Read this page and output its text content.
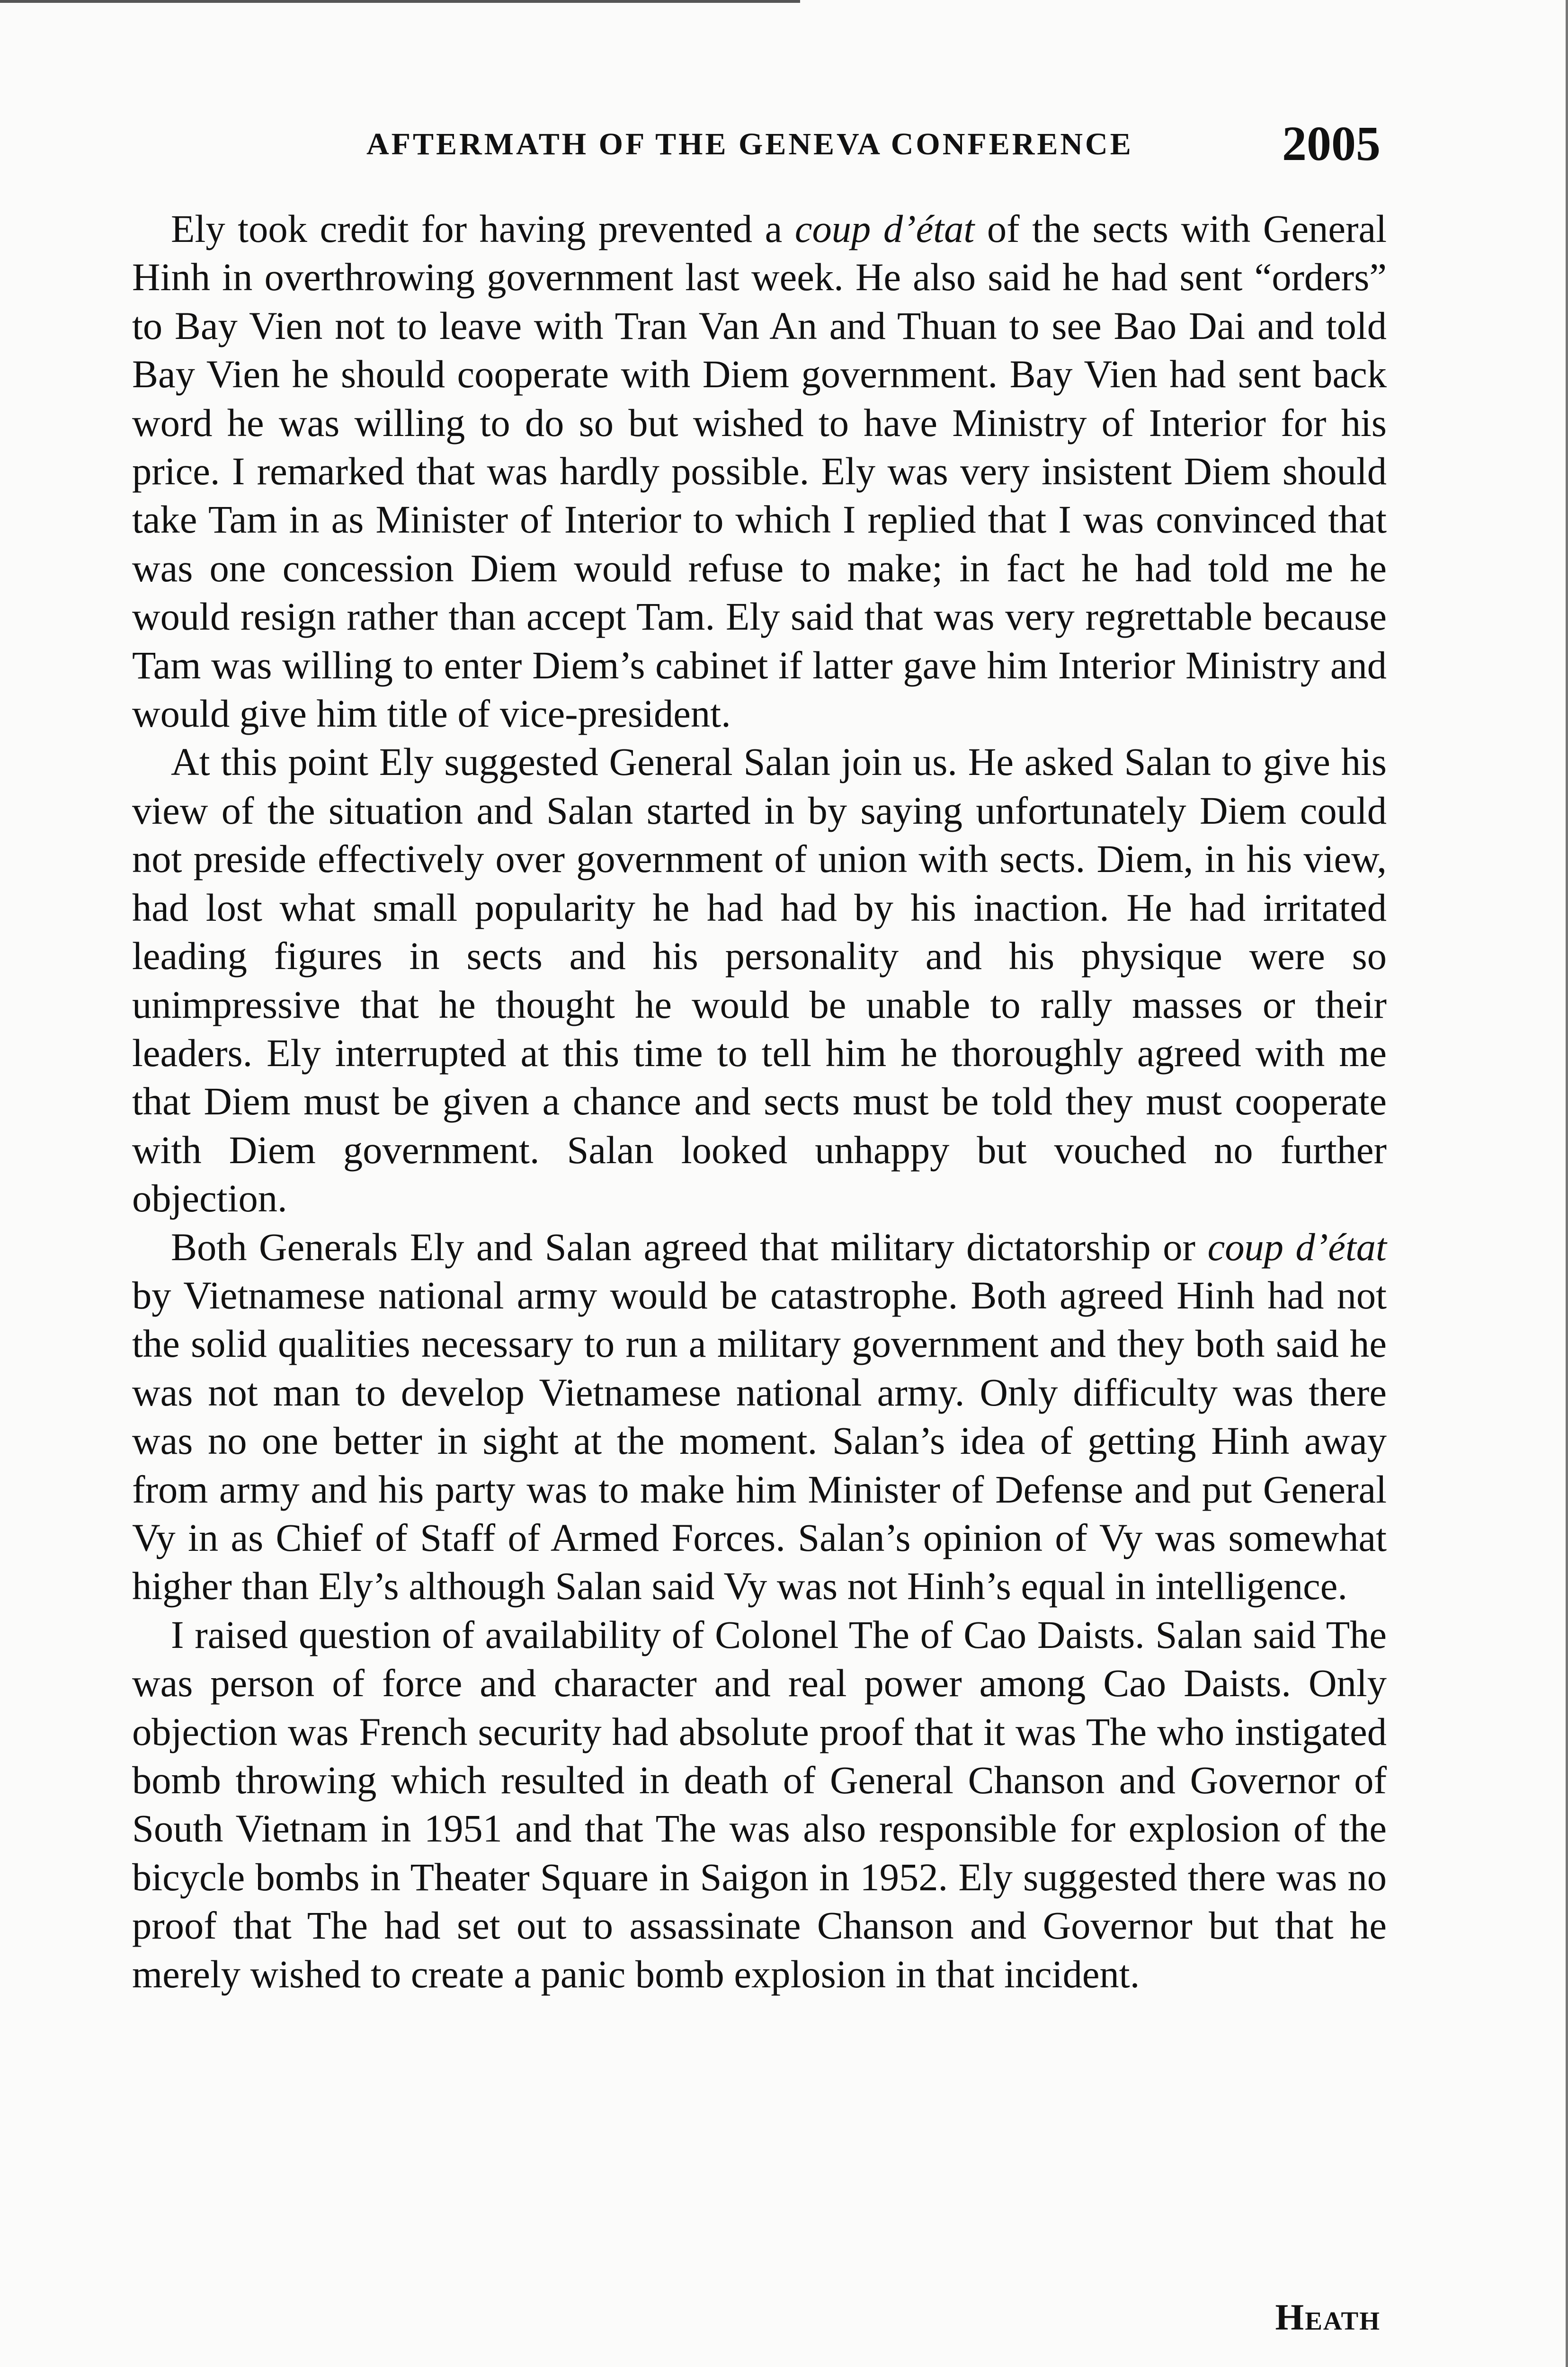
AFTERMATH OF THE GENEVA CONFERENCE	2005

Ely took credit for having prevented a coup d’état of the sects with General Hinh in overthrowing government last week. He also said he had sent “orders” to Bay Vien not to leave with Tran Van An and Thuan to see Bao Dai and told Bay Vien he should cooperate with Diem government. Bay Vien had sent back word he was willing to do so but wished to have Ministry of Interior for his price. I remarked that was hardly possible. Ely was very insistent Diem should take Tam in as Minister of Interior to which I replied that I was convinced that was one concession Diem would refuse to make; in fact he had told me he would resign rather than accept Tam. Ely said that was very regrettable because Tam was willing to enter Diem’s cabinet if latter gave him Interior Ministry and would give him title of vice-president.

At this point Ely suggested General Salan join us. He asked Salan to give his view of the situation and Salan started in by saying unfortunately Diem could not preside effectively over government of union with sects. Diem, in his view, had lost what small popularity he had had by his inaction. He had irritated leading figures in sects and his personality and his physique were so unimpressive that he thought he would be unable to rally masses or their leaders. Ely interrupted at this time to tell him he thoroughly agreed with me that Diem must be given a chance and sects must be told they must cooperate with Diem government. Salan looked unhappy but vouched no further objection.

Both Generals Ely and Salan agreed that military dictatorship or coup d’état by Vietnamese national army would be catastrophe. Both agreed Hinh had not the solid qualities necessary to run a military government and they both said he was not man to develop Vietnamese national army. Only difficulty was there was no one better in sight at the moment. Salan’s idea of getting Hinh away from army and his party was to make him Minister of Defense and put General Vy in as Chief of Staff of Armed Forces. Salan’s opinion of Vy was somewhat higher than Ely’s although Salan said Vy was not Hinh’s equal in intelligence.

I raised question of availability of Colonel The of Cao Daists. Salan said The was person of force and character and real power among Cao Daists. Only objection was French security had absolute proof that it was The who instigated bomb throwing which resulted in death of General Chanson and Governor of South Vietnam in 1951 and that The was also responsible for explosion of the bicycle bombs in Theater Square in Saigon in 1952. Ely suggested there was no proof that The had set out to assassinate Chanson and Governor but that he merely wished to create a panic bomb explosion in that incident.

Heath
